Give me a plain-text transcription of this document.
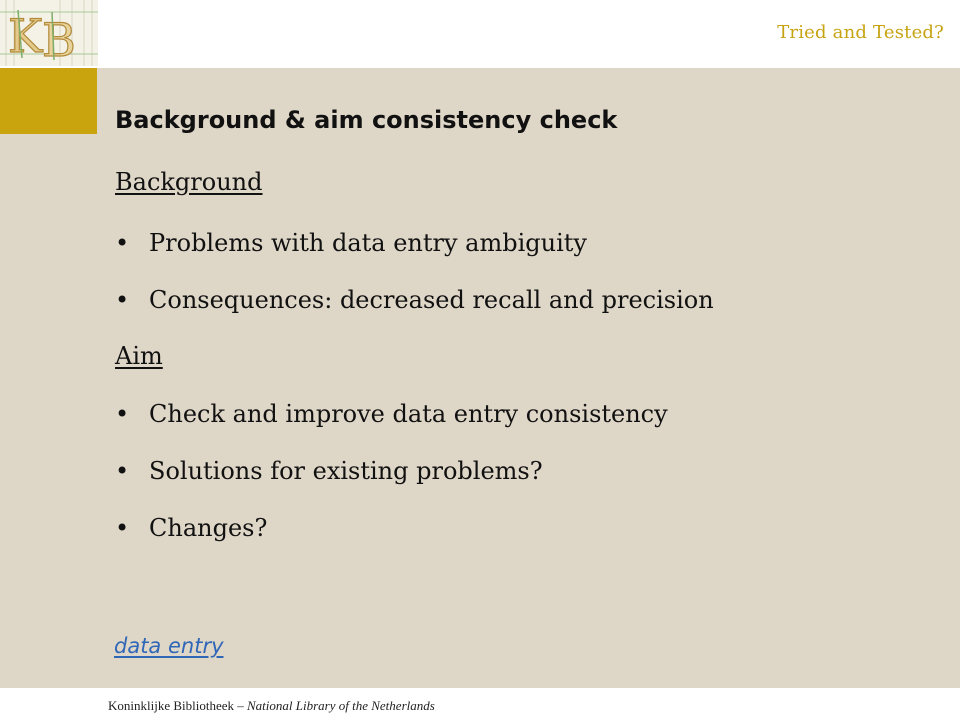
K B	Tried and Tested?
Background & aim consistency check
Background
• Problems with data entry ambiguity
• Consequences: decreased recall and precision
Aim
• Check and improve data entry consistency
• Solutions for existing problems?
• Changes?
data entry
Koninklijke Bibliotheek – National Library of the Netherlands
